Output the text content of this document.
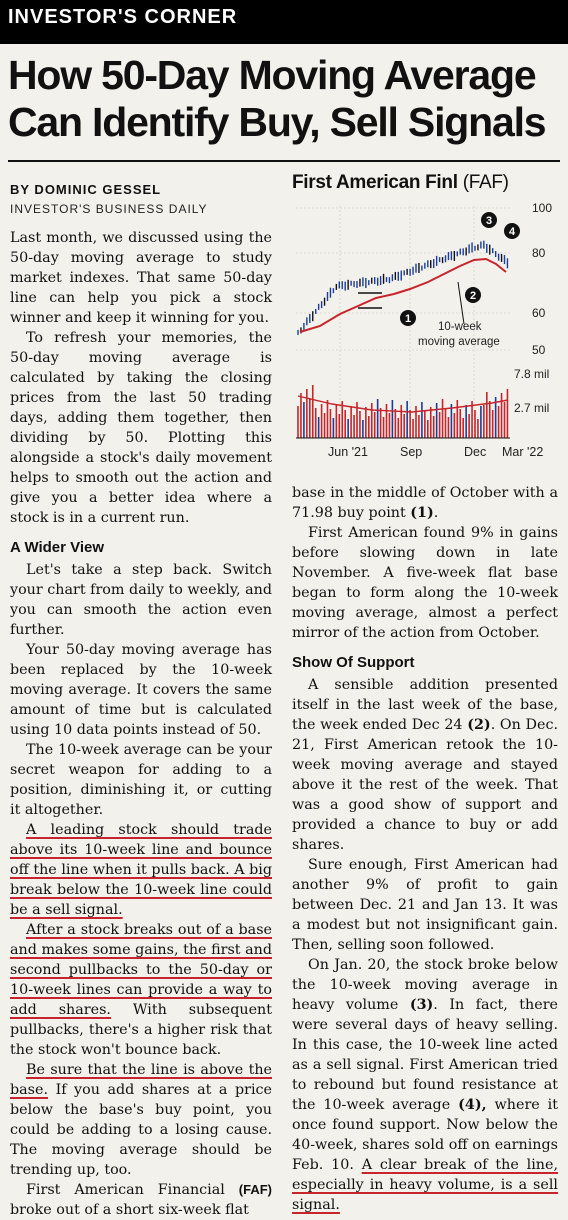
INVESTOR'S CORNER
How 50-Day Moving Average Can Identify Buy, Sell Signals
BY DOMINIC GESSEL
INVESTOR'S BUSINESS DAILY
First American Finl (FAF)
100
80
60
50
1
2
3
4
10-week
moving average
7.8 mil
2.7 mil
Jun '21	Sep	Dec Mar '22

Last month, we discussed using the 50-day moving average to study market indexes. That same 50-day line can help you pick a stock winner and keep it winning for you.

To refresh your memories, the 50-day moving average is calculated by taking the closing prices from the last 50 trading days, adding them together, then dividing by 50. Plotting this alongside a stock's daily movement helps to smooth out the action and give you a better idea where a stock is in a current run.

A Wider View

Let's take a step back. Switch your chart from daily to weekly, and you can smooth the action even further.

Your 50-day moving average has been replaced by the 10-week moving average. It covers the same amount of time but is calculated using 10 data points instead of 50.

The 10-week average can be your secret weapon for adding to a position, diminishing it, or cutting it altogether.

A leading stock should trade above its 10-week line and bounce off the line when it pulls back. A big break below the 10-week line could be a sell signal.

After a stock breaks out of a base and makes some gains, the first and second pullbacks to the 50-day or 10-week lines can provide a way to add shares. With subsequent pullbacks, there's a higher risk that the stock won't bounce back.

Be sure that the line is above the base. If you add shares at a price below the base's buy point, you could be adding to a losing cause. The moving average should be trending up, too.

First American Financial (FAF) broke out of a short six-week flat

base in the middle of October with a 71.98 buy point (1).

First American found 9% in gains before slowing down in late November. A five-week flat base began to form along the 10-week moving average, almost a perfect mirror of the action from October.

Show Of Support

A sensible addition presented itself in the last week of the base, the week ended Dec 24 (2). On Dec. 21, First American retook the 10-week moving average and stayed above it the rest of the week. That was a good show of support and provided a chance to buy or add shares.

Sure enough, First American had another 9% of profit to gain between Dec. 21 and Jan 13. It was a modest but not insignificant gain. Then, selling soon followed.

On Jan. 20, the stock broke below the 10-week moving average in heavy volume (3). In fact, there were several days of heavy selling. In this case, the 10-week line acted as a sell signal. First American tried to rebound but found resistance at the 10-week average (4), where it once found support. Now below the 40-week, shares sold off on earnings Feb. 10. A clear break of the line, especially in heavy volume, is a sell signal.
